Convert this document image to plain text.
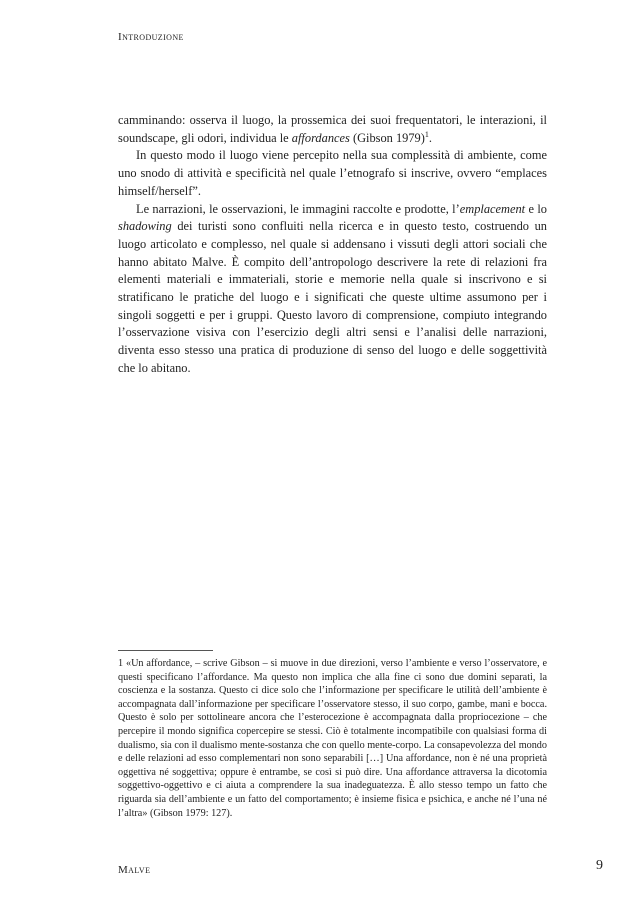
Introduzione

camminando: osserva il luogo, la prossemica dei suoi frequentatori, le interazioni, il soundscape, gli odori, individua le affordances (Gibson 1979)$^1$.

In questo modo il luogo viene percepito nella sua complessità di ambiente, come uno snodo di attività e specificità nel quale l’etnografo si inscrive, ovvero “emplaces himself/herself”.

Le narrazioni, le osservazioni, le immagini raccolte e prodotte, l’emplacement e lo shadowing dei turisti sono confluiti nella ricerca e in questo testo, costruendo un luogo articolato e complesso, nel quale si addensano i vissuti degli attori sociali che hanno abitato Malve. È compito dell’antropologo descrivere la rete di relazioni fra elementi materiali e immateriali, storie e memorie nella quale si inscrivono e si stratificano le pratiche del luogo e i significati che queste ultime assumono per i singoli soggetti e per i gruppi. Questo lavoro di comprensione, compiuto integrando l’osservazione visiva con l’esercizio degli altri sensi e l’analisi delle narrazioni, diventa esso stesso una pratica di produzione di senso del luogo e delle soggettività che lo abitano.

1 «Un affordance, – scrive Gibson – si muove in due direzioni, verso l’ambiente e verso l’osservatore, e questi specificano l’affordance. Ma questo non implica che alla fine ci sono due domini separati, la coscienza e la sostanza. Questo ci dice solo che l’informazione per specificare le utilità dell’ambiente è accompagnata dall’informazione per specificare l’osservatore stesso, il suo corpo, gambe, mani e bocca. Questo è solo per sottolineare ancora che l’esterocezione è accompagnata dalla propriocezione – che percepire il mondo significa copercepire se stessi. Ciò è totalmente incompatibile con qualsiasi forma di dualismo, sia con il dualismo mente-sostanza che con quello mente-corpo. La consapevolezza del mondo e delle relazioni ad esso complementari non sono separabili […] Una affordance, non è né una proprietà oggettiva né soggettiva; oppure è entrambe, se così si può dire. Una affordance attraversa la dicotomia soggettivo-oggettivo e ci aiuta a comprendere la sua inadeguatezza. È allo stesso tempo un fatto che riguarda sia dell’ambiente e un fatto del comportamento; è insieme fisica e psichica, e anche né l’una né l’altra» (Gibson 1979: 127).

Malve	9
